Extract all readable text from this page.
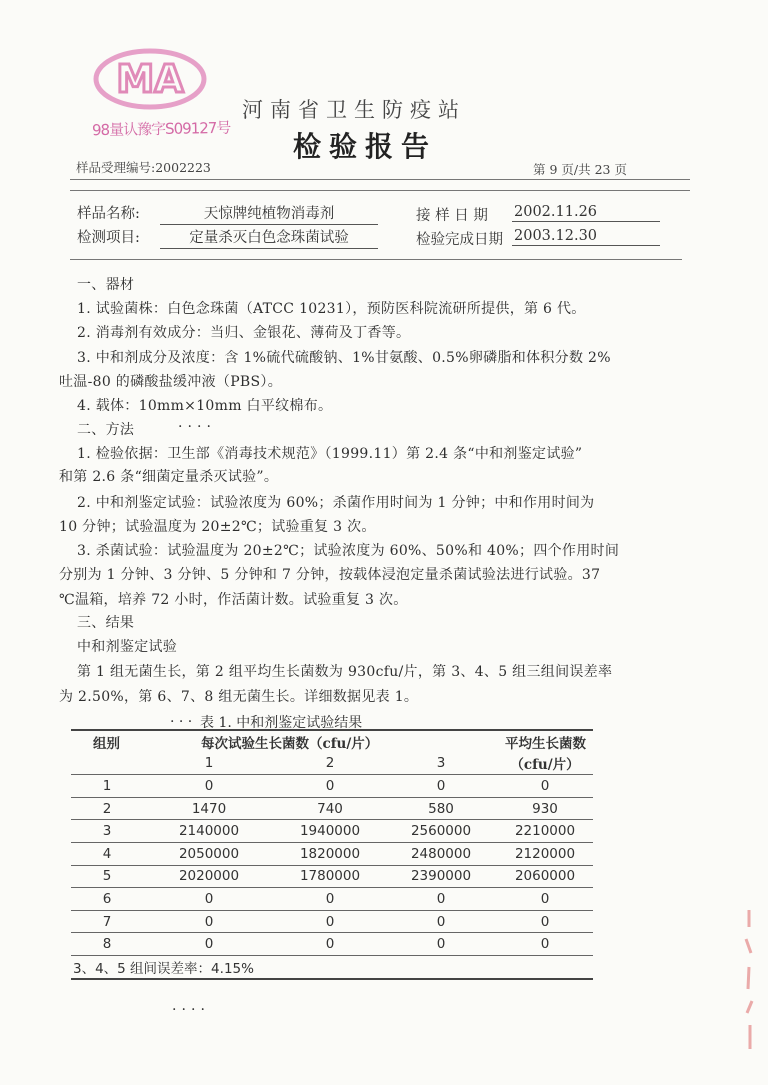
MA
98量认豫字S09127号
河南省卫生防疫站
检验报告
样品受理编号:2002223	第 9 页/共 23 页
样品名称:	天惊牌纯植物消毒剂	接 样 日 期 2002.11.26
检测项目:	定量杀灭白色念珠菌试验	检验完成日期 2003.12.30
一、器材
1. 试验菌株：白色念珠菌（ATCC 10231），预防医科院流研所提供，第 6 代。
2. 消毒剂有效成分：当归、金银花、薄荷及丁香等。
3. 中和剂成分及浓度：含 1%硫代硫酸钠、1%甘氨酸、0.5%卵磷脂和体积分数 2%
吐温-80 的磷酸盐缓冲液（PBS）。
4. 载体：10mm×10mm 白平纹棉布。
二、方法	. . . .
1. 检验依据：卫生部《消毒技术规范》（1999.11）第 2.4 条“中和剂鉴定试验”
和第 2.6 条“细菌定量杀灭试验”。
2. 中和剂鉴定试验：试验浓度为 60%；杀菌作用时间为 1 分钟；中和作用时间为
10 分钟；试验温度为 20±2℃；试验重复 3 次。
3. 杀菌试验：试验温度为 20±2℃；试验浓度为 60%、50%和 40%；四个作用时间
分别为 1 分钟、3 分钟、5 分钟和 7 分钟，按载体浸泡定量杀菌试验法进行试验。37
℃温箱，培养 72 小时，作活菌计数。试验重复 3 次。
三、结果
中和剂鉴定试验
第 1 组无菌生长，第 2 组平均生长菌数为 930cfu/片，第 3、4、5 组三组间误差率
为 2.50%，第 6、7、8 组无菌生长。详细数据见表 1。
. . . 表 1. 中和剂鉴定试验结果
组别	每次试验生长菌数（cfu/片）			平均生长菌数
	1	2	3	（cfu/片）
1	0	0	0	0
2	1470	740	580	930
3	2140000	1940000	2560000	2210000
4	2050000	1820000	2480000	2120000
5	2020000	1780000	2390000	2060000
6	0	0	0	0
7	0	0	0	0
8	0	0	0	0
3、4、5 组间误差率：4.15%				
. . . .
